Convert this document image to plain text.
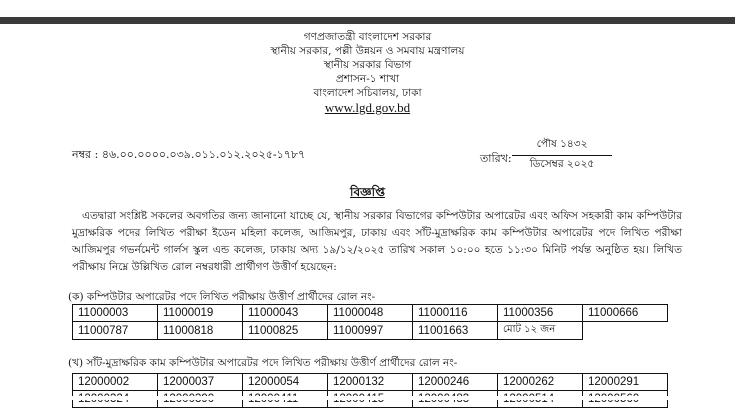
গণপ্রজাতন্ত্রী বাংলাদেশ সরকার
স্থানীয় সরকার, পল্লী উন্নয়ন ও সমবায় মন্ত্রণালয়
স্থানীয় সরকার বিভাগ
প্রশাসন-১ শাখা
বাংলাদেশ সচিবালয়, ঢাকা
www.lgd.gov.bd
নম্বর : ৪৬.০০.০০০০.০৩৯.০১১.০১২.২০২৫-১৭৮৭	তারিখ:
পৌষ ১৪৩২
ডিসেম্বর ২০২৫
বিজ্ঞপ্তি
এতদ্বারা সংশ্লিষ্ট সকলের অবগতির জন্য জানানো যাচ্ছে যে, স্থানীয় সরকার বিভাগের কম্পিউটার অপারেটর এবং অফিস সহকারী কাম কম্পিউটার মুদ্রাক্ষরিক পদের লিখিত পরীক্ষা ইডেন মহিলা কলেজ, আজিমপুর, ঢাকায় এবং সাঁট-মুদ্রাক্ষরিক কাম কম্পিউটার অপারেটর পদে লিখিত পরীক্ষা আজিমপুর গভর্নমেন্ট গার্লস স্কুল এন্ড কলেজ, ঢাকায় অদ্য ১৯/১২/২০২৫ তারিখ সকাল ১০:০০ হতে ১১:৩০ মিনিট পর্যন্ত অনুষ্ঠিত হয়। লিখিত পরীক্ষায় নিম্নে উল্লিখিত রোল নম্বরধারী প্রার্থীগণ উত্তীর্ণ হয়েছেন:
(ক) কম্পিউটার অপারেটর পদে লিখিত পরীক্ষায় উত্তীর্ণ প্রার্থীদের রোল নং-
11000003	11000019	11000043	11000048	11000116	11000356	11000666
11000787	11000818	11000825	11000997	11001663	মোট ১২ জন	
(খ) সাঁট-মুদ্রাক্ষরিক কাম কম্পিউটার অপারেটর পদে লিখিত পরীক্ষায় উত্তীর্ণ প্রার্থীদের রোল নং-
12000002	12000037	12000054	12000132	12000246	12000262	12000291
